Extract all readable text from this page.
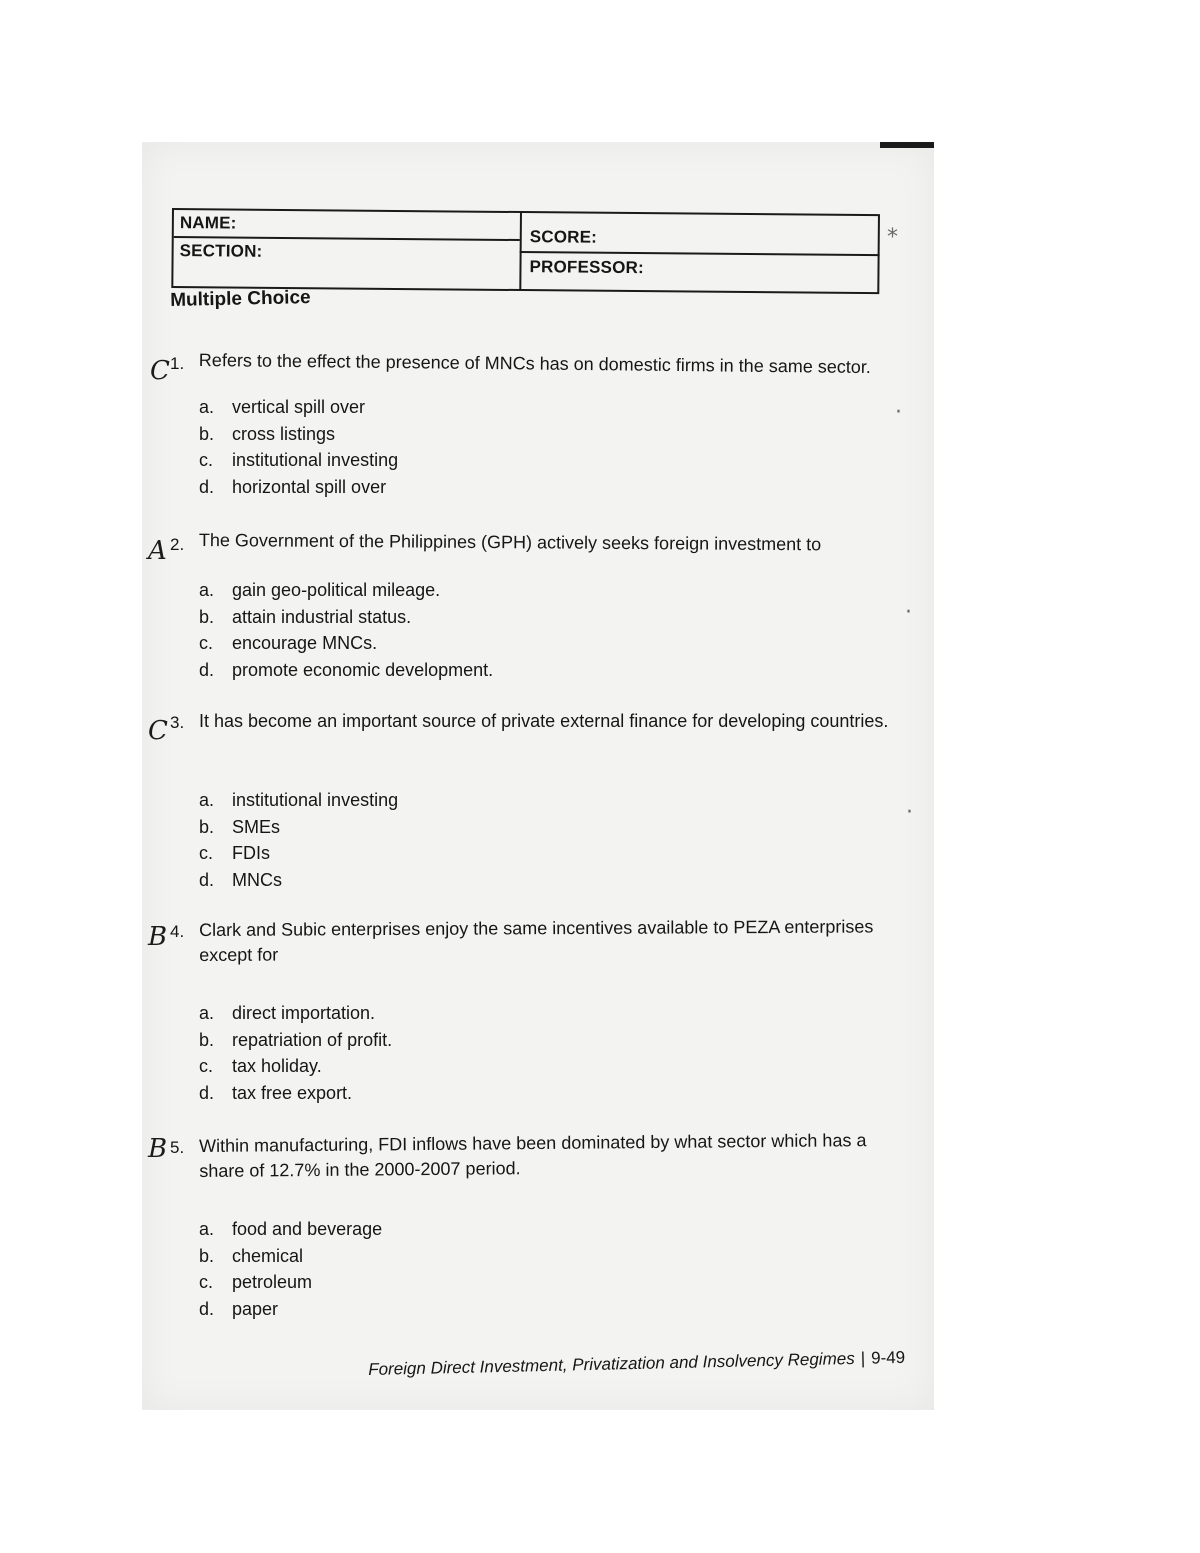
NAME:
SECTION:
SCORE:
PROFESSOR:
Multiple Choice
C 1. Refers to the effect the presence of MNCs has on domestic firms in the same sector.
a. vertical spill over
b. cross listings
c. institutional investing
d. horizontal spill over
A 2. The Government of the Philippines (GPH) actively seeks foreign investment to
a. gain geo-political mileage.
b. attain industrial status.
c. encourage MNCs.
d. promote economic development.
C 3. It has become an important source of private external finance for developing countries.
a. institutional investing
b. SMEs
c. FDIs
d. MNCs
B 4. Clark and Subic enterprises enjoy the same incentives available to PEZA enterprises except for
a. direct importation.
b. repatriation of profit.
c. tax holiday.
d. tax free export.
B 5. Within manufacturing, FDI inflows have been dominated by what sector which has a share of 12.7% in the 2000-2007 period.
a. food and beverage
b. chemical
c. petroleum
d. paper
⁎
·
·
·
Foreign Direct Investment, Privatization and Insolvency Regimes | 9-49
